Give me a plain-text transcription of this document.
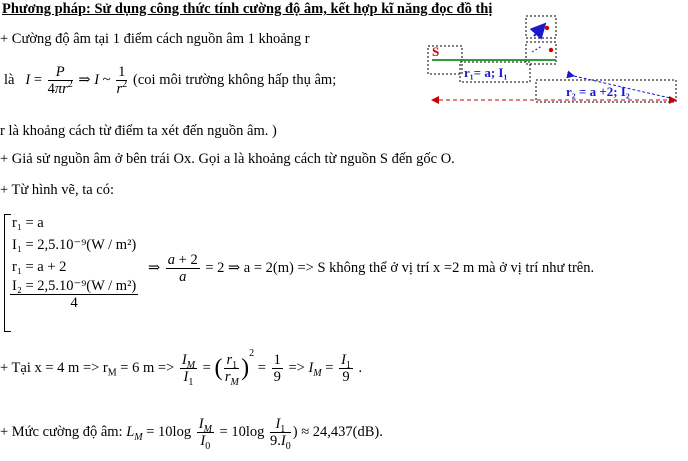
Phương pháp: Sử dụng công thức tính cường độ âm, kết hợp kĩ năng đọc đồ thị
+ Cường độ âm tại 1 điểm cách nguồn âm 1 khoảng r
là   $I = \frac{P}{4\pi r^2}$ ⇒ I ~ $\frac{1}{r^2} (coi$ môi trường không hấp thụ âm;
r là khoảng cách từ điểm ta xét đến nguồn âm. )
+ Giả sử nguồn âm ở bên trái Ox. Gọi a là khoảng cách từ nguồn S đến gốc O.
+ Từ hình vẽ, ta có:
r₁ = a
I₁ = 2,5.10⁻⁹(W / m²)
r₁ = a + 2
$\frac{\text{I₂ = 2,5.10⁻⁹(W / m²)}}{4}$
⇒ $\frac{a + 2}{a} = 2$ ⇒ a = 2(m) => S không thể ở vị trí x =2 m mà ở vị trí như trên.
+ Tại x = 4 $m => r_M = 6$ $m => \frac{I_M}{I_1}$ = ( $\frac{r_1}{r_M} )^2 = \frac{1}{9} => I_M = \frac{I_1}{9}$ .
+ Mức cường độ âm: $L_M = 10\log \frac{I_M}{I_0} = 10\log \frac{I_1}{9.I_0}$ ) ≈ 24,437(dB).
S
r₁= a; I₁
r₂ = a +2; I₂
